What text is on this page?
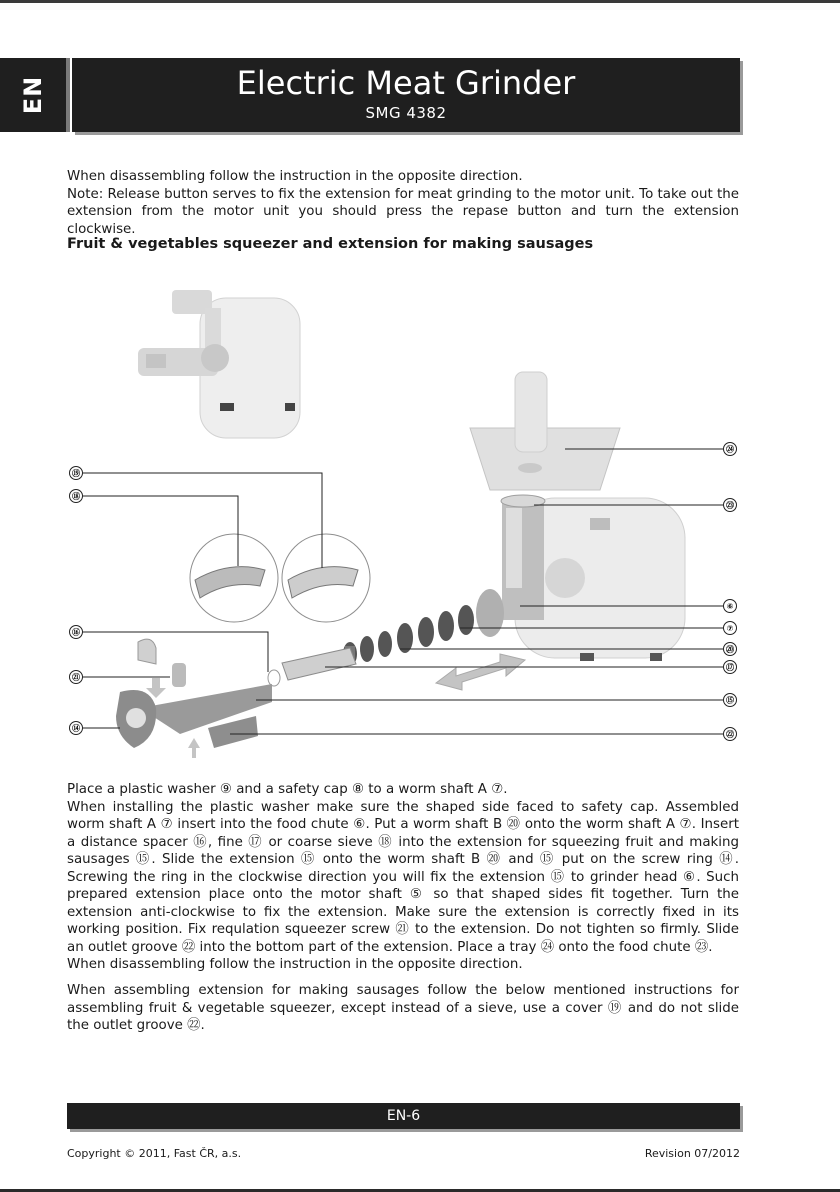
EN	Electric Meat Grinder
SMG 4382

When disassembling follow the instruction in the opposite direction.

Note: Release button serves to fix the extension for meat grinding to the motor unit. To take out the extension from the motor unit you should press the repase button and turn the extension clockwise.

Fruit & vegetables squeezer and extension for making sausages
⑲
⑱
⑯
㉑
⑭
㉔
㉓
⑥
⑦
⑳
⑰
⑮
㉒

Place a plastic washer ⑨ and a safety cap ⑧ to a worm shaft A ⑦.

When installing the plastic washer make sure the shaped side faced to safety cap. Assembled worm shaft A ⑦ insert into the food chute ⑥. Put a worm shaft B ⑳ onto the worm shaft A ⑦. Insert a distance spacer ⑯, fine ⑰ or coarse sieve ⑱ into the extension for squeezing fruit and making sausages ⑮. Slide the extension ⑮ onto the worm shaft B ⑳ and ⑮ put on the screw ring ⑭. Screwing the ring in the clockwise direction you will fix the extension ⑮ to grinder head ⑥. Such prepared extension place onto the motor shaft ⑤ so that shaped sides fit together. Turn the extension anti-clockwise to fix the extension. Make sure the extension is correctly fixed in its working position. Fix requlation squeezer screw ㉑ to the extension. Do not tighten so firmly. Slide an outlet groove ㉒ into the bottom part of the extension. Place a tray ㉔ onto the food chute ㉓.

When disassembling follow the instruction in the opposite direction.

When assembling extension for making sausages follow the below mentioned instructions for assembling fruit & vegetable squeezer, except instead of a sieve, use a cover ⑲ and do not slide the outlet groove ㉒.

EN-6
Copyright © 2011, Fast ČR, a.s.	Revision 07/2012
